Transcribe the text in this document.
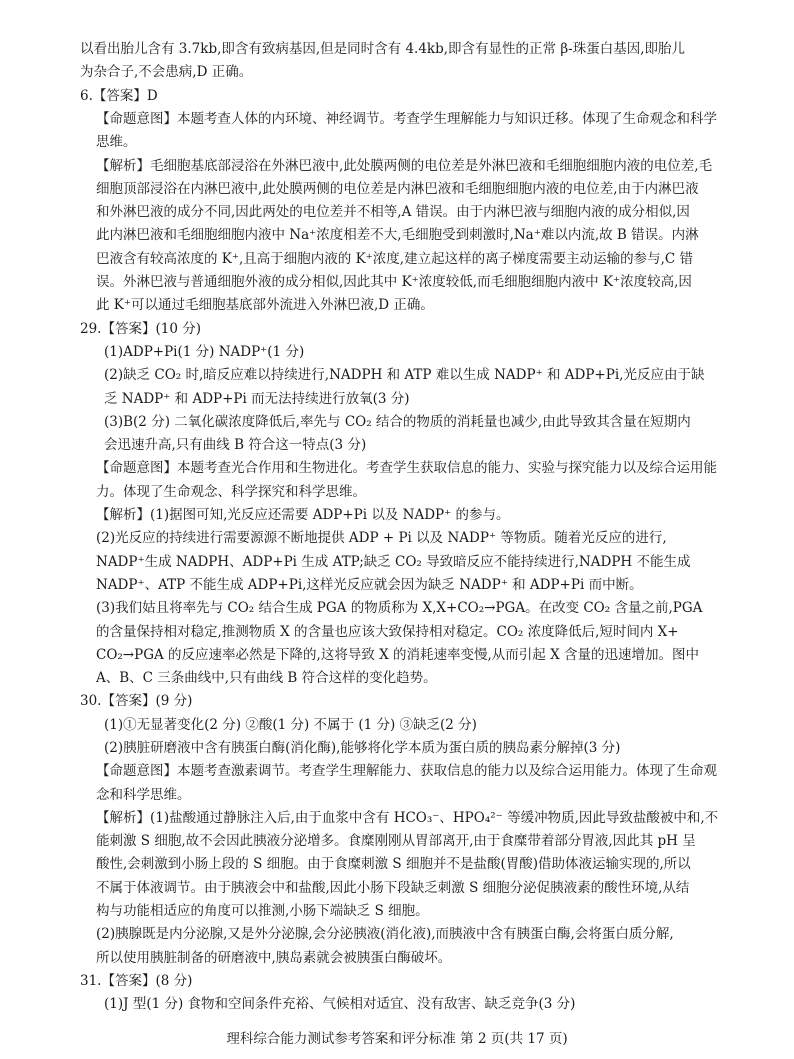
以看出胎儿含有 3.7kb,即含有致病基因,但是同时含有 4.4kb,即含有显性的正常 β-珠蛋白基因,即胎儿
为杂合子,不会患病,D 正确。
6.【答案】D
【命题意图】本题考查人体的内环境、神经调节。考查学生理解能力与知识迁移。体现了生命观念和科学
思维。
【解析】毛细胞基底部浸浴在外淋巴液中,此处膜两侧的电位差是外淋巴液和毛细胞细胞内液的电位差,毛
细胞顶部浸浴在内淋巴液中,此处膜两侧的电位差是内淋巴液和毛细胞细胞内液的电位差,由于内淋巴液
和外淋巴液的成分不同,因此两处的电位差并不相等,A 错误。由于内淋巴液与细胞内液的成分相似,因
此内淋巴液和毛细胞细胞内液中 Na⁺浓度相差不大,毛细胞受到刺激时,Na⁺难以内流,故 B 错误。内淋
巴液含有较高浓度的 K⁺,且高于细胞内液的 K⁺浓度,建立起这样的离子梯度需要主动运输的参与,C 错
误。外淋巴液与普通细胞外液的成分相似,因此其中 K⁺浓度较低,而毛细胞细胞内液中 K⁺浓度较高,因
此 K⁺可以通过毛细胞基底部外流进入外淋巴液,D 正确。
29.【答案】(10 分)
(1)ADP+Pi(1 分) NADP⁺(1 分)
(2)缺乏 CO₂ 时,暗反应难以持续进行,NADPH 和 ATP 难以生成 NADP⁺ 和 ADP+Pi,光反应由于缺
乏 NADP⁺ 和 ADP+Pi 而无法持续进行放氧(3 分)
(3)B(2 分) 二氧化碳浓度降低后,率先与 CO₂ 结合的物质的消耗量也减少,由此导致其含量在短期内
会迅速升高,只有曲线 B 符合这一特点(3 分)
【命题意图】本题考查光合作用和生物进化。考查学生获取信息的能力、实验与探究能力以及综合运用能
力。体现了生命观念、科学探究和科学思维。
【解析】(1)据图可知,光反应还需要 ADP+Pi 以及 NADP⁺ 的参与。
(2)光反应的持续进行需要源源不断地提供 ADP + Pi 以及 NADP⁺ 等物质。随着光反应的进行,
NADP⁺生成 NADPH、ADP+Pi 生成 ATP;缺乏 CO₂ 导致暗反应不能持续进行,NADPH 不能生成
NADP⁺、ATP 不能生成 ADP+Pi,这样光反应就会因为缺乏 NADP⁺ 和 ADP+Pi 而中断。
(3)我们姑且将率先与 CO₂ 结合生成 PGA 的物质称为 X,X+CO₂→PGA。在改变 CO₂ 含量之前,PGA
的含量保持相对稳定,推测物质 X 的含量也应该大致保持相对稳定。CO₂ 浓度降低后,短时间内 X+
CO₂→PGA 的反应速率必然是下降的,这将导致 X 的消耗速率变慢,从而引起 X 含量的迅速增加。图中
A、B、C 三条曲线中,只有曲线 B 符合这样的变化趋势。
30.【答案】(9 分)
(1)①无显著变化(2 分) ②酸(1 分) 不属于 (1 分) ③缺乏(2 分)
(2)胰脏研磨液中含有胰蛋白酶(消化酶),能够将化学本质为蛋白质的胰岛素分解掉(3 分)
【命题意图】本题考查激素调节。考查学生理解能力、获取信息的能力以及综合运用能力。体现了生命观
念和科学思维。
【解析】(1)盐酸通过静脉注入后,由于血浆中含有 HCO₃⁻、HPO₄²⁻ 等缓冲物质,因此导致盐酸被中和,不
能刺激 S 细胞,故不会因此胰液分泌增多。食糜刚刚从胃部离开,由于食糜带着部分胃液,因此其 pH 呈
酸性,会刺激到小肠上段的 S 细胞。由于食糜刺激 S 细胞并不是盐酸(胃酸)借助体液运输实现的,所以
不属于体液调节。由于胰液会中和盐酸,因此小肠下段缺乏刺激 S 细胞分泌促胰液素的酸性环境,从结
构与功能相适应的角度可以推测,小肠下端缺乏 S 细胞。
(2)胰腺既是内分泌腺,又是外分泌腺,会分泌胰液(消化液),而胰液中含有胰蛋白酶,会将蛋白质分解,
所以使用胰脏制备的研磨液中,胰岛素就会被胰蛋白酶破坏。
理科综合能力测试参考答案和评分标准 第 2 页(共 17 页)
31.【答案】(8 分)
(1)J 型(1 分) 食物和空间条件充裕、气候相对适宜、没有敌害、缺乏竞争(3 分)
